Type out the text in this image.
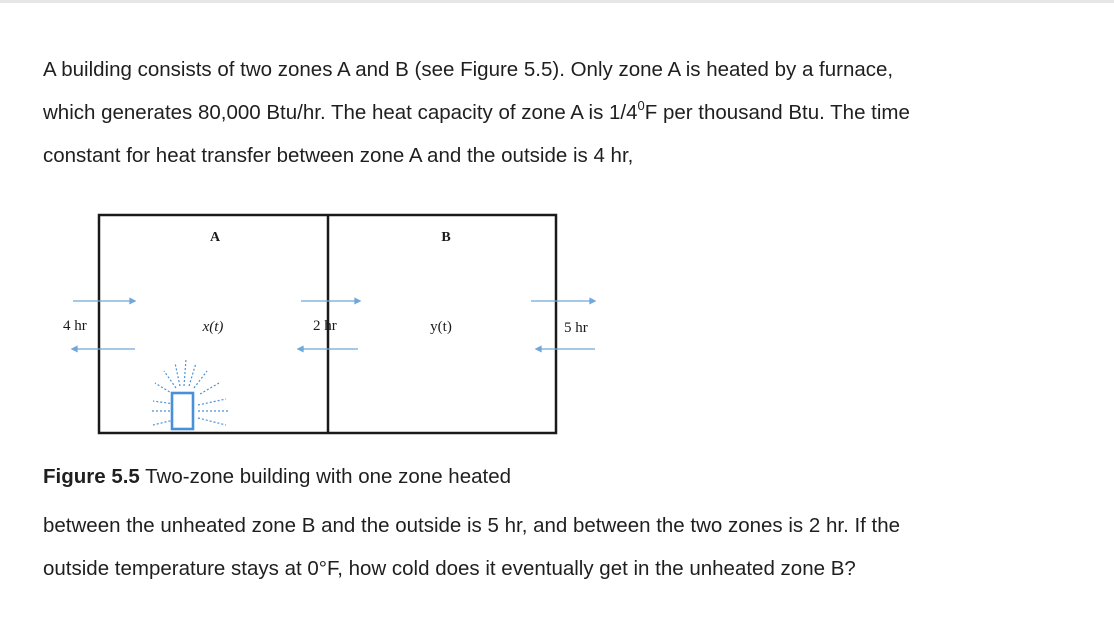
A building consists of two zones A and B (see Figure 5.5). Only zone A is heated by a furnace,
which generates 80,000 Btu/hr. The heat capacity of zone A is $1/4^0F$ per thousand Btu. The time
constant for heat transfer between zone A and the outside is 4 hr,

A	B
x(t)	y(t)
4 hr	2 hr	5 hr

Figure 5.5 Two-zone building with one zone heated

between the unheated zone B and the outside is 5 hr, and between the two zones is 2 hr. If the
outside temperature stays at 0°F, how cold does it eventually get in the unheated zone B?
